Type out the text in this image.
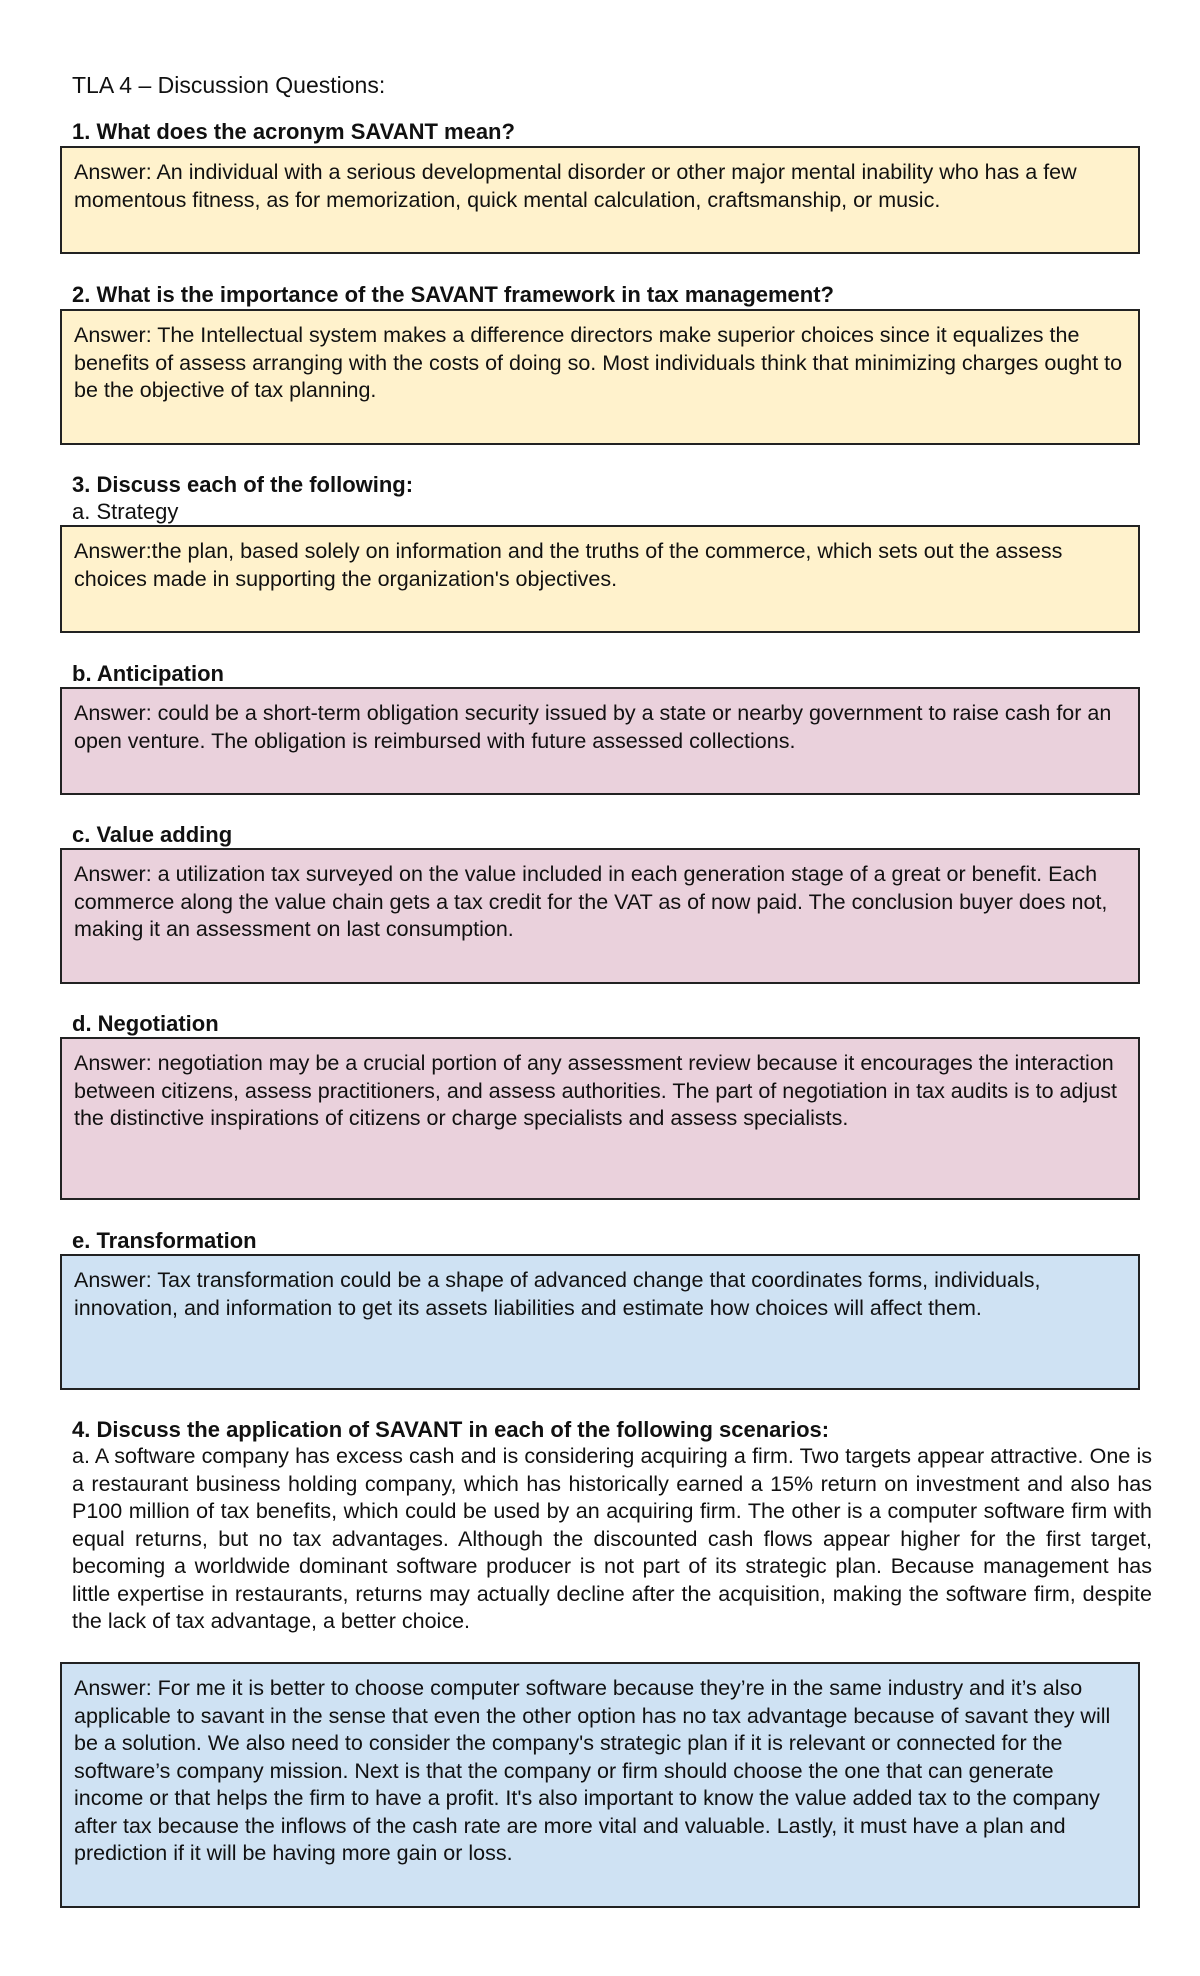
TLA 4 – Discussion Questions:
1. What does the acronym SAVANT mean?
Answer: An individual with a serious developmental disorder or other major mental inability who has a few momentous fitness, as for memorization, quick mental calculation, craftsmanship, or music.
2. What is the importance of the SAVANT framework in tax management?
Answer: The Intellectual system makes a difference directors make superior choices since it equalizes the benefits of assess arranging with the costs of doing so. Most individuals think that minimizing charges ought to be the objective of tax planning.
3. Discuss each of the following:
a. Strategy
Answer:the plan, based solely on information and the truths of the commerce, which sets out the assess choices made in supporting the organization's objectives.
b. Anticipation
Answer: could be a short-term obligation security issued by a state or nearby government to raise cash for an open venture. The obligation is reimbursed with future assessed collections.
c. Value adding
Answer: a utilization tax surveyed on the value included in each generation stage of a great or benefit. Each commerce along the value chain gets a tax credit for the VAT as of now paid. The conclusion buyer does not, making it an assessment on last consumption.
d. Negotiation
Answer: negotiation may be a crucial portion of any assessment review because it encourages the interaction between citizens, assess practitioners, and assess authorities. The part of negotiation in tax audits is to adjust the distinctive inspirations of citizens or charge specialists and assess specialists.
e. Transformation
Answer: Tax transformation could be a shape of advanced change that coordinates forms, individuals, innovation, and information to get its assets liabilities and estimate how choices will affect them.
4. Discuss the application of SAVANT in each of the following scenarios:
a. A software company has excess cash and is considering acquiring a firm. Two targets appear attractive. One is a restaurant business holding company, which has historically earned a 15% return on investment and also has P100 million of tax benefits, which could be used by an acquiring firm. The other is a computer software firm with equal returns, but no tax advantages. Although the discounted cash flows appear higher for the first target, becoming a worldwide dominant software producer is not part of its strategic plan. Because management has little expertise in restaurants, returns may actually decline after the acquisition, making the software firm, despite the lack of tax advantage, a better choice.
Answer: For me it is better to choose computer software because they’re in the same industry and it’s also applicable to savant in the sense that even the other option has no tax advantage because of savant they will be a solution. We also need to consider the company's strategic plan if it is relevant or connected for the software’s company mission. Next is that the company or firm should choose the one that can generate income or that helps the firm to have a profit. It's also important to know the value added tax to the company after tax because the inflows of the cash rate are more vital and valuable. Lastly, it must have a plan and prediction if it will be having more gain or loss.
